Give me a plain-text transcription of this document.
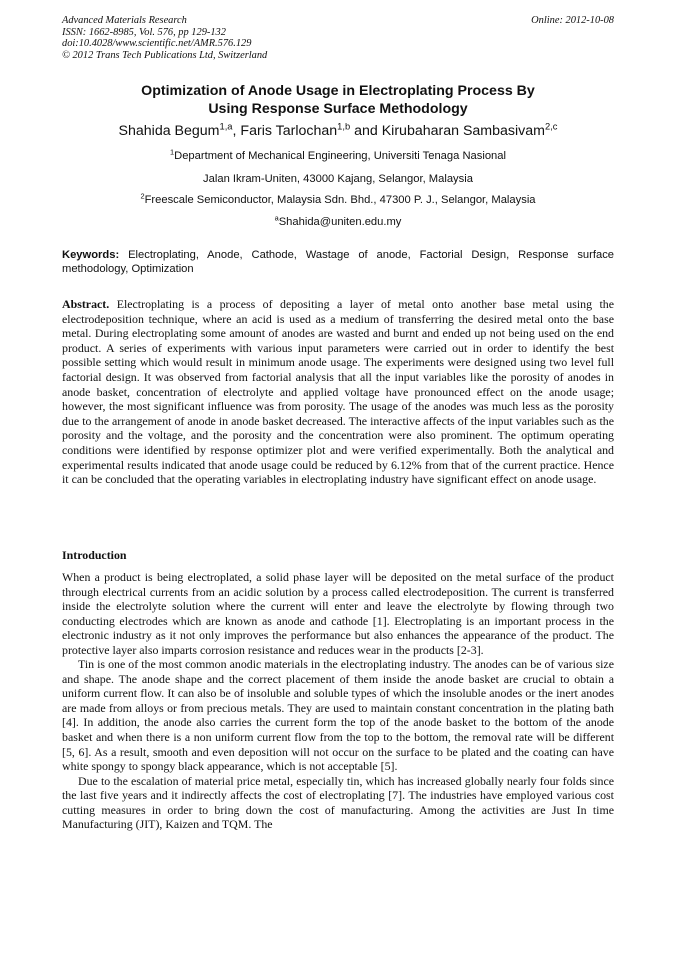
Advanced Materials Research
ISSN: 1662-8985, Vol. 576, pp 129-132
doi:10.4028/www.scientific.net/AMR.576.129
© 2012 Trans Tech Publications Ltd, Switzerland
Online: 2012-10-08
Optimization of Anode Usage in Electroplating Process By
Using Response Surface Methodology
Shahida Begum$^{1,a}$, Faris Tarlochan$^{1,b}$ and Kirubaharan Sambasivam$^{2,c}$
$^1$Department of Mechanical Engineering, Universiti Tenaga Nasional
Jalan Ikram-Uniten, 43000 Kajang, Selangor, Malaysia
$^2$Freescale Semiconductor, Malaysia Sdn. Bhd., 47300 P. J., Selangor, Malaysia
$^a$Shahida@uniten.edu.my
Keywords: Electroplating, Anode, Cathode, Wastage of anode, Factorial Design, Response surface methodology, Optimization
Abstract. Electroplating is a process of depositing a layer of metal onto another base metal using the electrodeposition technique, where an acid is used as a medium of transferring the desired metal onto the base metal. During electroplating some amount of anodes are wasted and burnt and ended up not being used on the end product. A series of experiments with various input parameters were carried out in order to identify the best possible setting which would result in minimum anode usage. The experiments were designed using two level full factorial design. It was observed from factorial analysis that all the input variables like the porosity of anodes in anode basket, concentration of electrolyte and applied voltage have pronounced effect on the anode usage; however, the most significant influence was from porosity. The usage of the anodes was much less as the porosity due to the arrangement of anode in anode basket decreased. The interactive affects of the input variables such as the porosity and the voltage, and the porosity and the concentration were also prominent. The optimum operating conditions were identified by response optimizer plot and were verified experimentally. Both the analytical and experimental results indicated that anode usage could be reduced by 6.12% from that of the current practice. Hence it can be concluded that the operating variables in electroplating industry have significant effect on anode usage.
Introduction

When a product is being electroplated, a solid phase layer will be deposited on the metal surface of the product through electrical currents from an acidic solution by a process called electrodeposition. The current is transferred inside the electrolyte solution where the current will enter and leave the electrolyte by flowing through two conducting electrodes which are known as anode and cathode [1]. Electroplating is an important process in the electronic industry as it not only improves the performance but also enhances the appearance of the product. The protective layer also imparts corrosion resistance and reduces wear in the products [2-3].

Tin is one of the most common anodic materials in the electroplating industry. The anodes can be of various size and shape. The anode shape and the correct placement of them inside the anode basket are crucial to obtain a uniform current flow. It can also be of insoluble and soluble types of which the insoluble anodes or the inert anodes are made from alloys or from precious metals. They are used to maintain constant concentration in the plating bath [4]. In addition, the anode also carries the current form the top of the anode basket to the bottom of the anode basket and when there is a non uniform current flow from the top to the bottom, the removal rate will be different [5, 6]. As a result, smooth and even deposition will not occur on the surface to be plated and the coating can have white spongy to spongy black appearance, which is not acceptable [5].

Due to the escalation of material price metal, especially tin, which has increased globally nearly four folds since the last five years and it indirectly affects the cost of electroplating [7]. The industries have employed various cost cutting measures in order to bring down the cost of manufacturing. Among the activities are Just In time Manufacturing (JIT), Kaizen and TQM. The
